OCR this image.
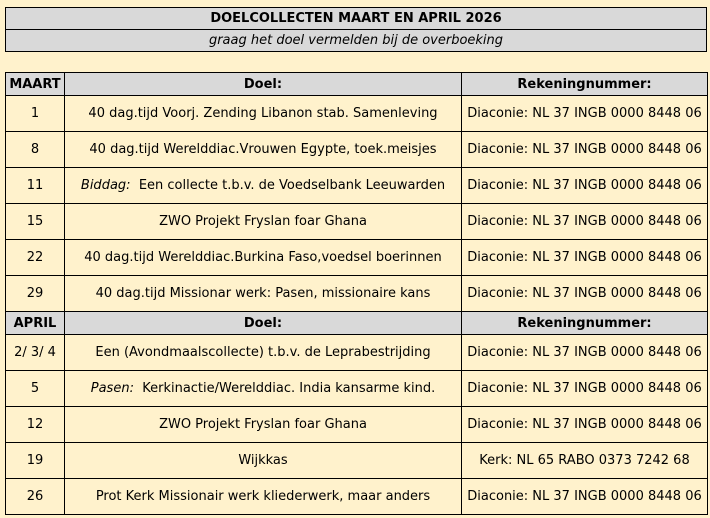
DOELCOLLECTEN MAART EN APRIL 2026
graag het doel vermelden bij de overboeking
MAART	Doel:	Rekeningnummer:
1	40 dag.tijd Voorj. Zending Libanon stab. Samenleving	Diaconie: NL 37 INGB 0000 8448 06
8	40 dag.tijd Werelddiac.Vrouwen Egypte, toek.meisjes	Diaconie: NL 37 INGB 0000 8448 06
11	Biddag: Een collecte t.b.v. de Voedselbank Leeuwarden	Diaconie: NL 37 INGB 0000 8448 06
15	ZWO Projekt Fryslan foar Ghana	Diaconie: NL 37 INGB 0000 8448 06
22	40 dag.tijd Werelddiac.Burkina Faso,voedsel boerinnen	Diaconie: NL 37 INGB 0000 8448 06
29	40 dag.tijd Missionar werk: Pasen, missionaire kans	Diaconie: NL 37 INGB 0000 8448 06
APRIL	Doel:	Rekeningnummer:
2/ 3/ 4	Een (Avondmaalscollecte) t.b.v. de Leprabestrijding	Diaconie: NL 37 INGB 0000 8448 06
5	Pasen: Kerkinactie/Werelddiac. India kansarme kind.	Diaconie: NL 37 INGB 0000 8448 06
12	ZWO Projekt Fryslan foar Ghana	Diaconie: NL 37 INGB 0000 8448 06
19	Wijkkas	Kerk: NL 65 RABO 0373 7242 68
26	Prot Kerk Missionair werk kliederwerk, maar anders	Diaconie: NL 37 INGB 0000 8448 06
